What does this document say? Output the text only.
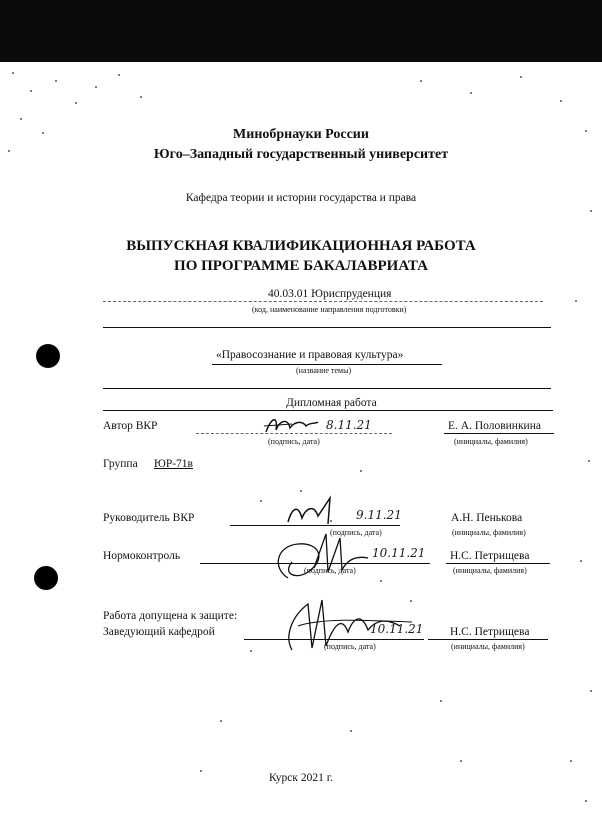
Минобрнауки России
Юго–Западный государственный университет
Кафедра теории и истории государства и права
ВЫПУСКНАЯ КВАЛИФИКАЦИОННАЯ РАБОТА
ПО ПРОГРАММЕ БАКАЛАВРИАТА
40.03.01 Юриспруденция
(код, наименование направления подготовки)
«Правосознание и правовая культура»
(название темы)
Дипломная работа
Автор ВКР	8.11.21
(подпись, дата)
Е. А. Половинкина
(инициалы, фамилия)
Группа ЮР-71в
Руководитель ВКР	9.11.21
(подпись, дата)
А.Н. Пенькова
(инициалы, фамилия)
Нормоконтроль	10.11.21
(подпись, дата)
Н.С. Петрищева
(инициалы, фамилия)
Работа допущена к защите:
Заведующий кафедрой	10.11.21
(подпись, дата)
Н.С. Петрищева
(инициалы, фамилия)
Курск 2021 г.
